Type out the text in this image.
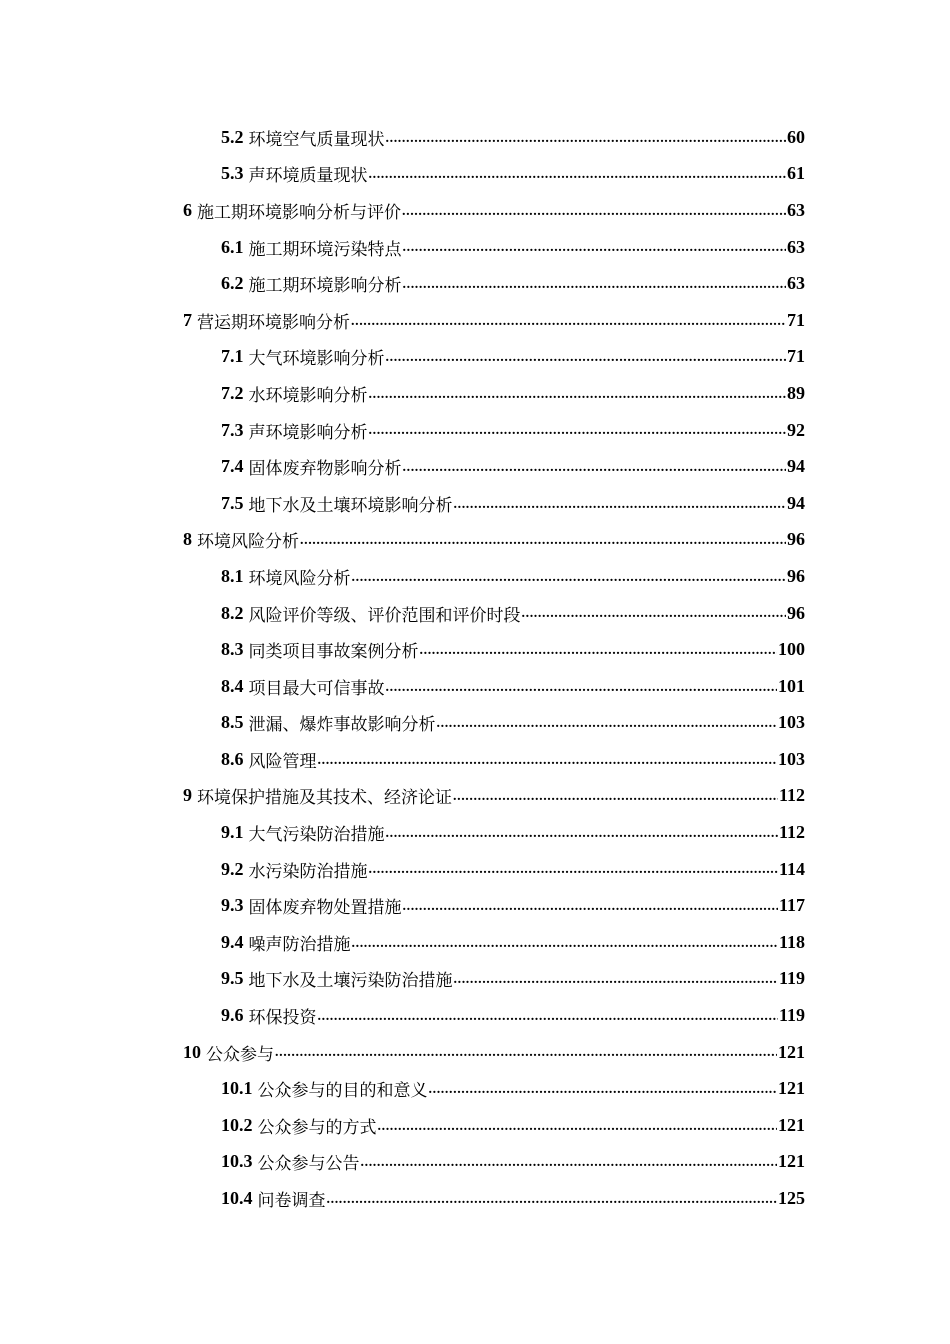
5.2 环境空气质量现状 .....	60
5.3 声环境质量现状 .....	61
6 施工期环境影响分析与评价 .....	63
6.1 施工期环境污染特点 .....	63
6.2 施工期环境影响分析 .....	63
7 营运期环境影响分析 .....	71
7.1 大气环境影响分析 .....	71
7.2 水环境影响分析 .....	89
7.3 声环境影响分析 .....	92
7.4 固体废弃物影响分析 .....	94
7.5 地下水及土壤环境影响分析 .....	94
8 环境风险分析 .....	96
8.1 环境风险分析 .....	96
8.2 风险评价等级、评价范围和评价时段 .....	96
8.3 同类项目事故案例分析 .....	100
8.4 项目最大可信事故 .....	101
8.5 泄漏、爆炸事故影响分析 .....	103
8.6 风险管理 .....	103
9 环境保护措施及其技术、经济论证 .....	112
9.1 大气污染防治措施 .....	112
9.2 水污染防治措施 .....	114
9.3 固体废弃物处置措施 .....	117
9.4 噪声防治措施 .....	118
9.5 地下水及土壤污染防治措施 .....	119
9.6 环保投资 .....	119
10 公众参与 .....	121
10.1 公众参与的目的和意义 .....	121
10.2 公众参与的方式 .....	121
10.3 公众参与公告 .....	121
10.4 问卷调查 .....	125
